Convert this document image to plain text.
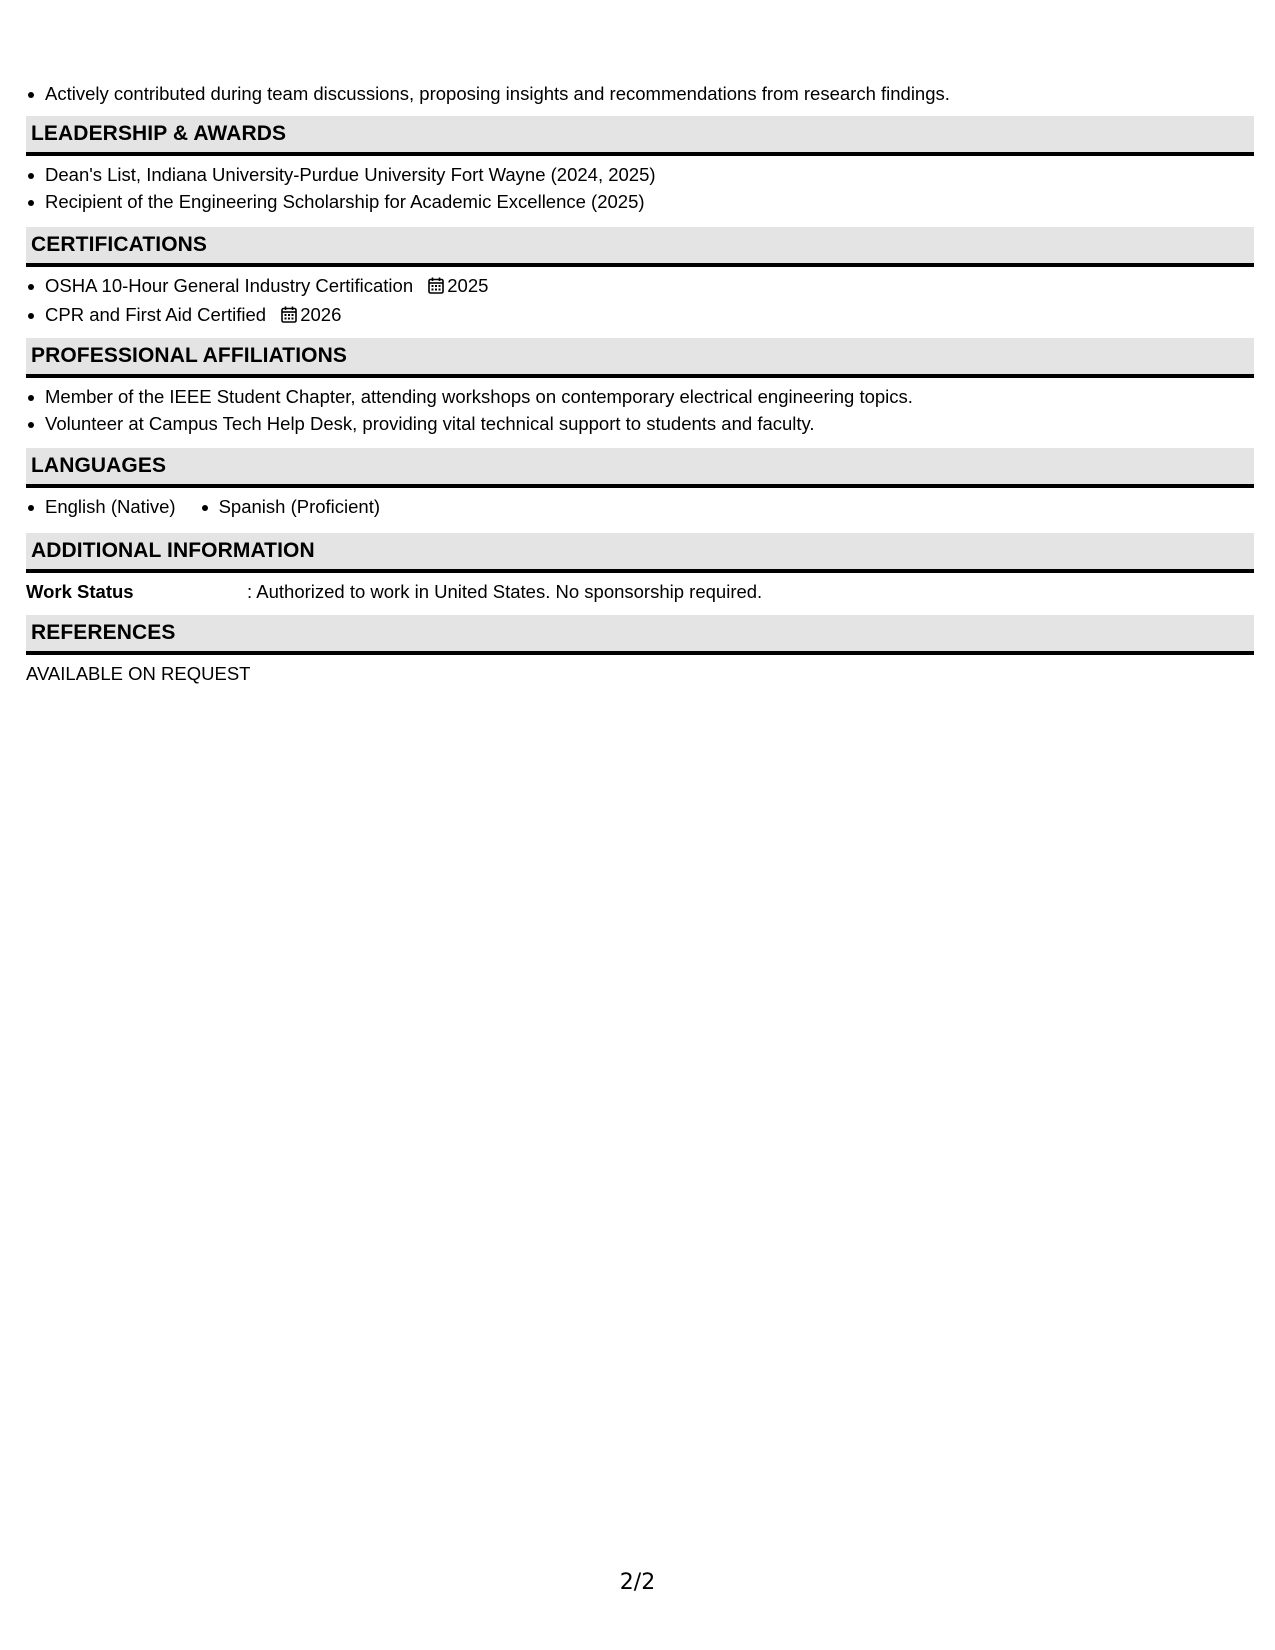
Actively contributed during team discussions, proposing insights and recommendations from research findings.
LEADERSHIP & AWARDS
Dean's List, Indiana University-Purdue University Fort Wayne (2024, 2025)
Recipient of the Engineering Scholarship for Academic Excellence (2025)
CERTIFICATIONS
OSHA 10-Hour General Industry Certification 2025
CPR and First Aid Certified 2026
PROFESSIONAL AFFILIATIONS
Member of the IEEE Student Chapter, attending workshops on contemporary electrical engineering topics.
Volunteer at Campus Tech Help Desk, providing vital technical support to students and faculty.
LANGUAGES
English (Native)	Spanish (Proficient)
ADDITIONAL INFORMATION
Work Status	: Authorized to work in United States. No sponsorship required.
REFERENCES
AVAILABLE ON REQUEST
2/2
